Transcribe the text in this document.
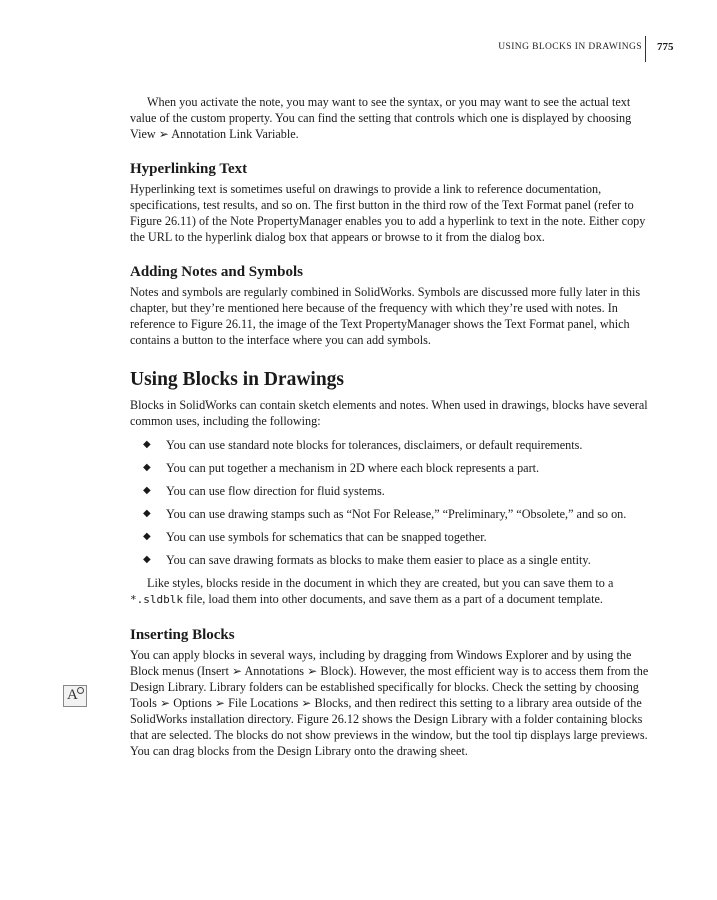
USING BLOCKS IN DRAWINGS 775
A

When you activate the note, you may want to see the syntax, or you may want to see the actual text value of the custom property. You can find the setting that controls which one is displayed by choosing View ➢ Annotation Link Variable.

Hyperlinking Text

Hyperlinking text is sometimes useful on drawings to provide a link to reference documentation, specifications, test results, and so on. The first button in the third row of the Text Format panel (refer to Figure 26.11) of the Note PropertyManager enables you to add a hyperlink to text in the note. Either copy the URL to the hyperlink dialog box that appears or browse to it from the dialog box.

Adding Notes and Symbols

Notes and symbols are regularly combined in SolidWorks. Symbols are discussed more fully later in this chapter, but they’re mentioned here because of the frequency with which they’re used with notes. In reference to Figure 26.11, the image of the Text PropertyManager shows the Text Format panel, which contains a button to the interface where you can add symbols.

Using Blocks in Drawings

Blocks in SolidWorks can contain sketch elements and notes. When used in drawings, blocks have several common uses, including the following:

◆ You can use standard note blocks for tolerances, disclaimers, or default requirements.
◆ You can put together a mechanism in 2D where each block represents a part.
◆ You can use flow direction for fluid systems.
◆ You can use drawing stamps such as “Not For Release,” “Preliminary,” “Obsolete,” and so on.
◆ You can use symbols for schematics that can be snapped together.
◆ You can save drawing formats as blocks to make them easier to place as a single entity.

Like styles, blocks reside in the document in which they are created, but you can save them to a *.sldblk file, load them into other documents, and save them as a part of a document template.

Inserting Blocks

You can apply blocks in several ways, including by dragging from Windows Explorer and by using the Block menus (Insert ➢ Annotations ➢ Block). However, the most efficient way is to access them from the Design Library. Library folders can be established specifically for blocks. Check the setting by choosing Tools ➢ Options ➢ File Locations ➢ Blocks, and then redirect this setting to a library area outside of the SolidWorks installation directory. Figure 26.12 shows the Design Library with a folder containing blocks that are selected. The blocks do not show previews in the window, but the tool tip displays large previews. You can drag blocks from the Design Library onto the drawing sheet.
